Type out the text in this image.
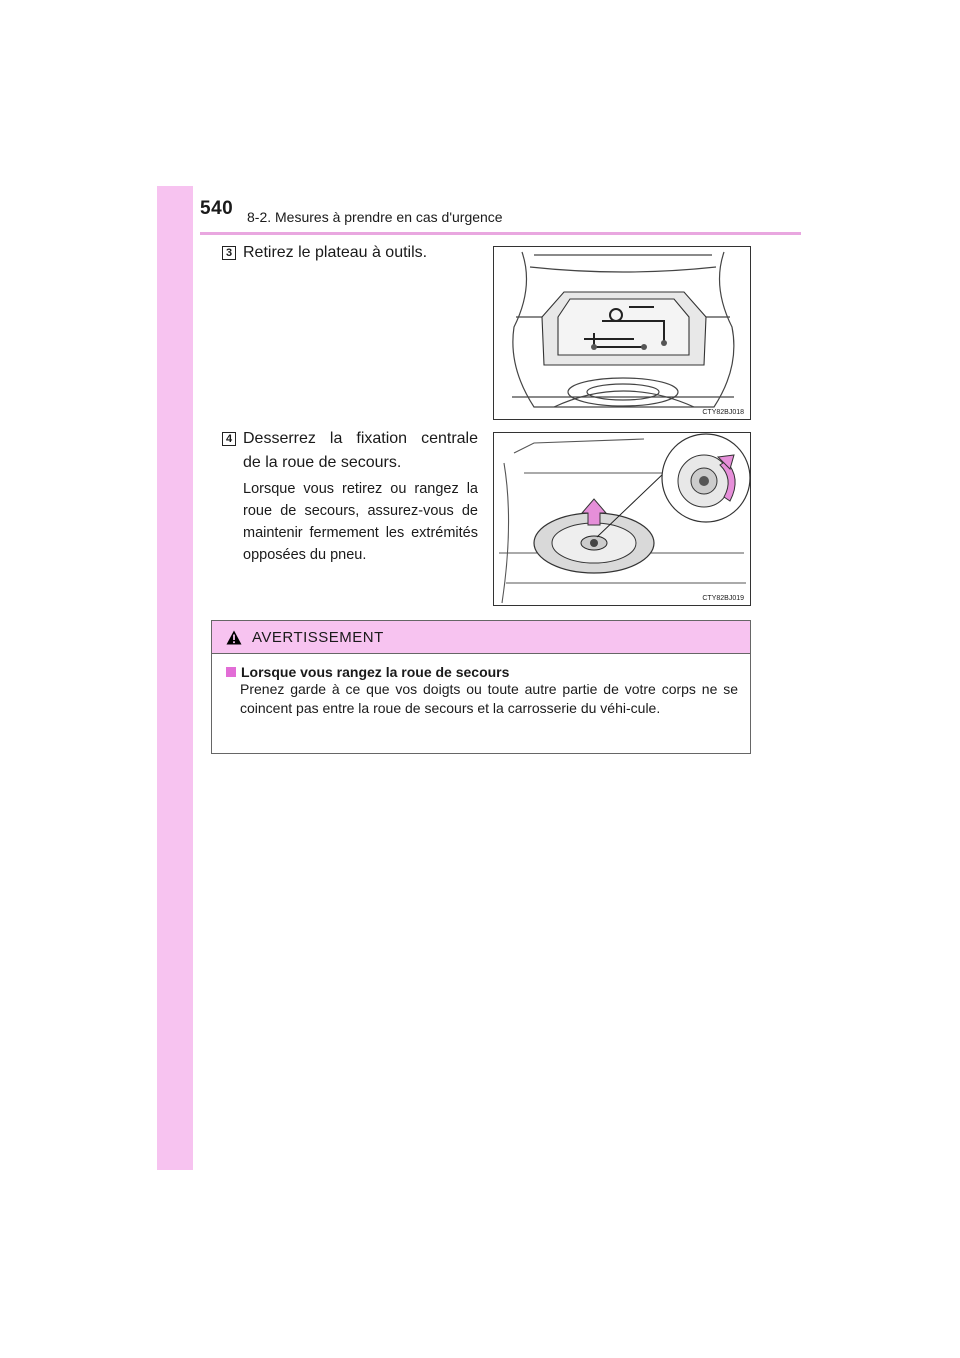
540 8-2. Mesures à prendre en cas d'urgence
3 Retirez le plateau à outils.
CTY82BJ018
4 Desserrez la fixation centrale
de la roue de secours.
Lorsque vous retirez ou rangez la roue de secours, assurez-vous de maintenir fermement les extrémités opposées du pneu.
CTY82BJ019
AVERTISSEMENT
Lorsque vous rangez la roue de secours
Prenez garde à ce que vos doigts ou toute autre partie de votre corps ne se coincent pas entre la roue de secours et la carrosserie du véhi-cule.
